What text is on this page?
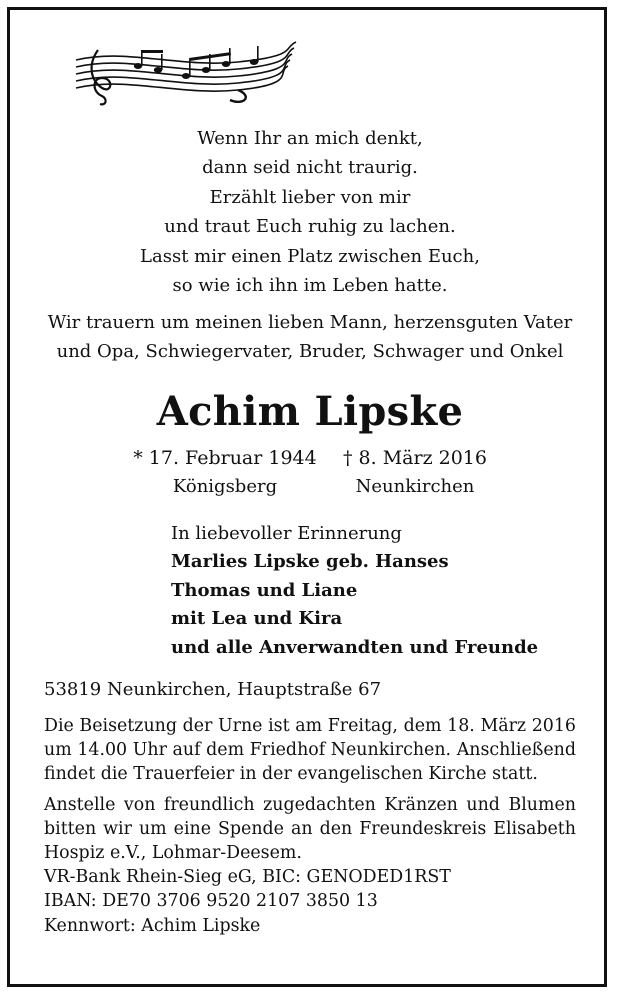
Wenn Ihr an mich denkt,
dann seid nicht traurig.
Erzählt lieber von mir
und traut Euch ruhig zu lachen.
Lasst mir einen Platz zwischen Euch,
so wie ich ihn im Leben hatte.
Wir trauern um meinen lieben Mann, herzensguten Vater
und Opa, Schwiegervater, Bruder, Schwager und Onkel
Achim Lipske
* 17. Februar 1944
Königsberg
† 8. März 2016
Neunkirchen
In liebevoller Erinnerung
Marlies Lipske geb. Hanses
Thomas und Liane
mit Lea und Kira
und alle Anverwandten und Freunde
53819 Neunkirchen, Hauptstraße 67

Die Beisetzung der Urne ist am Freitag, dem 18. März 2016 um 14.00 Uhr auf dem Friedhof Neunkirchen. Anschließend findet die Trauerfeier in der evangelischen Kirche statt.

Anstelle von freundlich zugedachten Kränzen und Blumen bitten wir um eine Spende an den Freundeskreis Elisabeth Hospiz e.V., Lohmar-Deesem.

VR-Bank Rhein-Sieg eG, BIC: GENODED1RST
IBAN: DE70 3706 9520 2107 3850 13
Kennwort: Achim Lipske
